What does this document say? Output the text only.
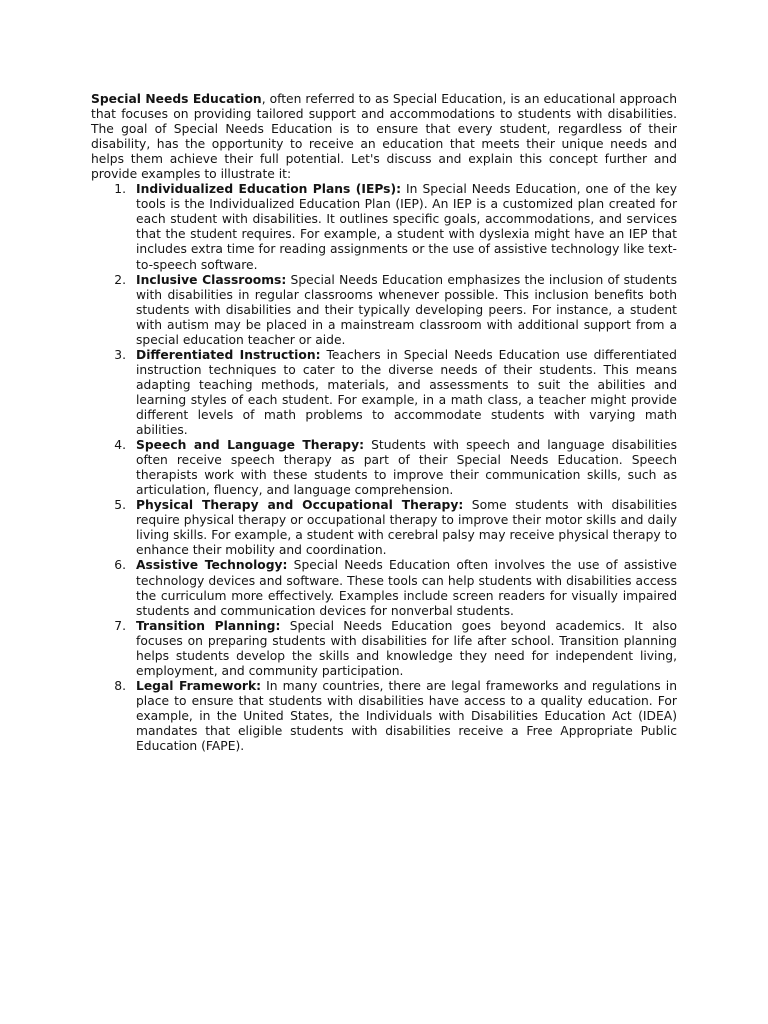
Special Needs Education, often referred to as Special Education, is an educational approach that focuses on providing tailored support and accommodations to students with disabilities. The goal of Special Needs Education is to ensure that every student, regardless of their disability, has the opportunity to receive an education that meets their unique needs and helps them achieve their full potential. Let's discuss and explain this concept further and provide examples to illustrate it:

1. Individualized Education Plans (IEPs): In Special Needs Education, one of the key tools is the Individualized Education Plan (IEP). An IEP is a customized plan created for each student with disabilities. It outlines specific goals, accommodations, and services that the student requires. For example, a student with dyslexia might have an IEP that includes extra time for reading assignments or the use of assistive technology like text-to-speech software.
2. Inclusive Classrooms: Special Needs Education emphasizes the inclusion of students with disabilities in regular classrooms whenever possible. This inclusion benefits both students with disabilities and their typically developing peers. For instance, a student with autism may be placed in a mainstream classroom with additional support from a special education teacher or aide.
3. Differentiated Instruction: Teachers in Special Needs Education use differentiated instruction techniques to cater to the diverse needs of their students. This means adapting teaching methods, materials, and assessments to suit the abilities and learning styles of each student. For example, in a math class, a teacher might provide different levels of math problems to accommodate students with varying math abilities.
4. Speech and Language Therapy: Students with speech and language disabilities often receive speech therapy as part of their Special Needs Education. Speech therapists work with these students to improve their communication skills, such as articulation, fluency, and language comprehension.
5. Physical Therapy and Occupational Therapy: Some students with disabilities require physical therapy or occupational therapy to improve their motor skills and daily living skills. For example, a student with cerebral palsy may receive physical therapy to enhance their mobility and coordination.
6. Assistive Technology: Special Needs Education often involves the use of assistive technology devices and software. These tools can help students with disabilities access the curriculum more effectively. Examples include screen readers for visually impaired students and communication devices for nonverbal students.
7. Transition Planning: Special Needs Education goes beyond academics. It also focuses on preparing students with disabilities for life after school. Transition planning helps students develop the skills and knowledge they need for independent living, employment, and community participation.
8. Legal Framework: In many countries, there are legal frameworks and regulations in place to ensure that students with disabilities have access to a quality education. For example, in the United States, the Individuals with Disabilities Education Act (IDEA) mandates that eligible students with disabilities receive a Free Appropriate Public Education (FAPE).
